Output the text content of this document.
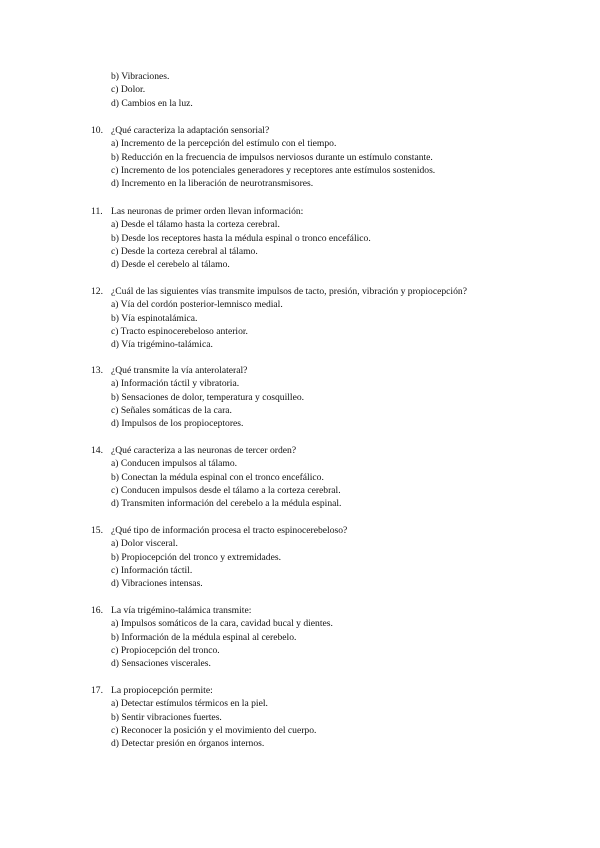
b) Vibraciones.
c) Dolor.
d) Cambios en la luz.
10. ¿Qué caracteriza la adaptación sensorial?
a) Incremento de la percepción del estímulo con el tiempo.
b) Reducción en la frecuencia de impulsos nerviosos durante un estímulo constante.
c) Incremento de los potenciales generadores y receptores ante estímulos sostenidos.
d) Incremento en la liberación de neurotransmisores.
11. Las neuronas de primer orden llevan información:
a) Desde el tálamo hasta la corteza cerebral.
b) Desde los receptores hasta la médula espinal o tronco encefálico.
c) Desde la corteza cerebral al tálamo.
d) Desde el cerebelo al tálamo.
12. ¿Cuál de las siguientes vías transmite impulsos de tacto, presión, vibración y propiocepción?
a) Vía del cordón posterior-lemnisco medial.
b) Vía espinotalámica.
c) Tracto espinocerebeloso anterior.
d) Vía trigémino-talámica.
13. ¿Qué transmite la vía anterolateral?
a) Información táctil y vibratoria.
b) Sensaciones de dolor, temperatura y cosquilleo.
c) Señales somáticas de la cara.
d) Impulsos de los propioceptores.
14. ¿Qué caracteriza a las neuronas de tercer orden?
a) Conducen impulsos al tálamo.
b) Conectan la médula espinal con el tronco encefálico.
c) Conducen impulsos desde el tálamo a la corteza cerebral.
d) Transmiten información del cerebelo a la médula espinal.
15. ¿Qué tipo de información procesa el tracto espinocerebeloso?
a) Dolor visceral.
b) Propiocepción del tronco y extremidades.
c) Información táctil.
d) Vibraciones intensas.
16. La vía trigémino-talámica transmite:
a) Impulsos somáticos de la cara, cavidad bucal y dientes.
b) Información de la médula espinal al cerebelo.
c) Propiocepción del tronco.
d) Sensaciones viscerales.
17. La propiocepción permite:
a) Detectar estímulos térmicos en la piel.
b) Sentir vibraciones fuertes.
c) Reconocer la posición y el movimiento del cuerpo.
d) Detectar presión en órganos internos.
